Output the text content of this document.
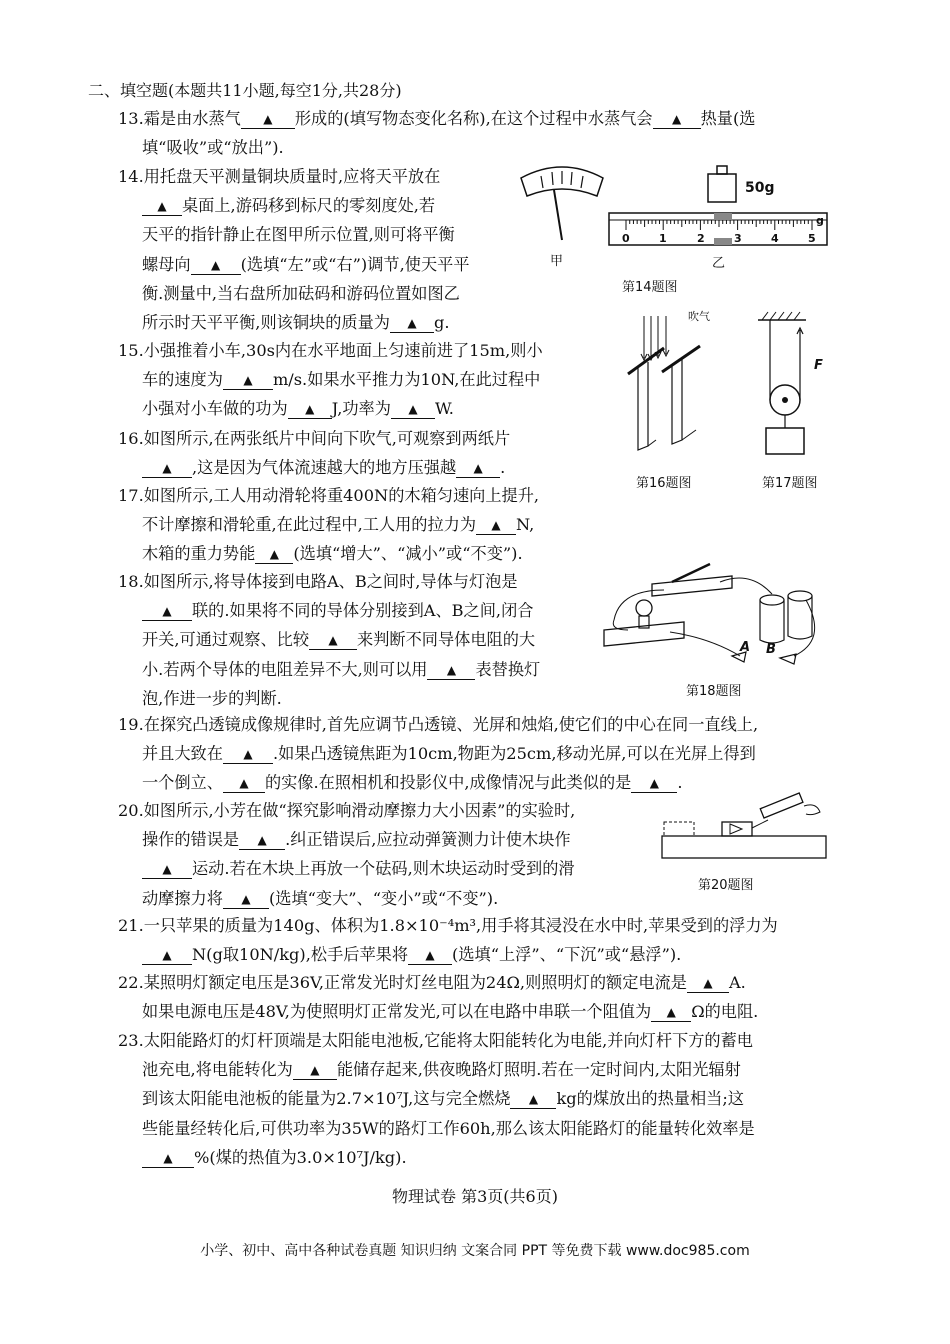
二、填空题(本题共11小题,每空1分,共28分)
13.霜是由水蒸气 ▲ 形成的(填写物态变化名称),在这个过程中水蒸气会 ▲ 热量(选
填“吸收”或“放出”).
14.用托盘天平测量铜块质量时,应将天平放在
▲ 桌面上,游码移到标尺的零刻度处,若
天平的指针静止在图甲所示位置,则可将平衡
螺母向 ▲ (选填“左”或“右”)调节,使天平平
衡.测量中,当右盘所加砝码和游码位置如图乙
所示时天平平衡,则该铜块的质量为 ▲ g.
15.小强推着小车,30s内在水平地面上匀速前进了15m,则小
车的速度为 ▲ m/s.如果水平推力为10N,在此过程中
小强对小车做的功为 ▲ J,功率为 ▲ W.
16.如图所示,在两张纸片中间向下吹气,可观察到两纸片
▲ ,这是因为气体流速越大的地方压强越 ▲ .
17.如图所示,工人用动滑轮将重400N的木箱匀速向上提升,
不计摩擦和滑轮重,在此过程中,工人用的拉力为 ▲ N,
木箱的重力势能 ▲ (选填“增大”、“减小”或“不变”).
18.如图所示,将导体接到电路A、B之间时,导体与灯泡是
▲ 联的.如果将不同的导体分别接到A、B之间,闭合
开关,可通过观察、比较 ▲ 来判断不同导体电阻的大
小.若两个导体的电阻差异不大,则可以用 ▲ 表替换灯
泡,作进一步的判断.
19.在探究凸透镜成像规律时,首先应调节凸透镜、光屏和烛焰,使它们的中心在同一直线上,
并且大致在 ▲ .如果凸透镜焦距为10cm,物距为25cm,移动光屏,可以在光屏上得到
一个倒立、 ▲ 的实像.在照相机和投影仪中,成像情况与此类似的是 ▲ .
20.如图所示,小芳在做“探究影响滑动摩擦力大小因素”的实验时,
操作的错误是 ▲ .纠正错误后,应拉动弹簧测力计使木块作
▲ 运动.若在木块上再放一个砝码,则木块运动时受到的滑
动摩擦力将 ▲ (选填“变大”、“变小”或“不变”).
21.一只苹果的质量为140g、体积为1.8×10⁻⁴m³,用手将其浸没在水中时,苹果受到的浮力为
▲ N(g取10N/kg),松手后苹果将 ▲ (选填“上浮”、“下沉”或“悬浮”).
22.某照明灯额定电压是36V,正常发光时灯丝电阻为24Ω,则照明灯的额定电流是 ▲ A.
如果电源电压是48V,为使照明灯正常发光,可以在电路中串联一个阻值为 ▲ Ω的电阻.
23.太阳能路灯的灯杆顶端是太阳能电池板,它能将太阳能转化为电能,并向灯杆下方的蓄电
池充电,将电能转化为 ▲ 能储存起来,供夜晚路灯照明.若在一定时间内,太阳光辐射
到该太阳能电池板的能量为2.7×10⁷J,这与完全燃烧 ▲ kg的煤放出的热量相当;这
些能量经转化后,可供功率为35W的路灯工作60h,那么该太阳能路灯的能量转化效率是
▲ %(煤的热值为3.0×10⁷J/kg).
甲
50g
0	1	2	3	4	5
g
乙
第14题图
吹气
第16题图
F
第17题图
A B
第18题图
第20题图
物理试卷 第3页(共6页)
小学、初中、高中各种试卷真题 知识归纳 文案合同 PPT 等免费下载 www.doc985.com
